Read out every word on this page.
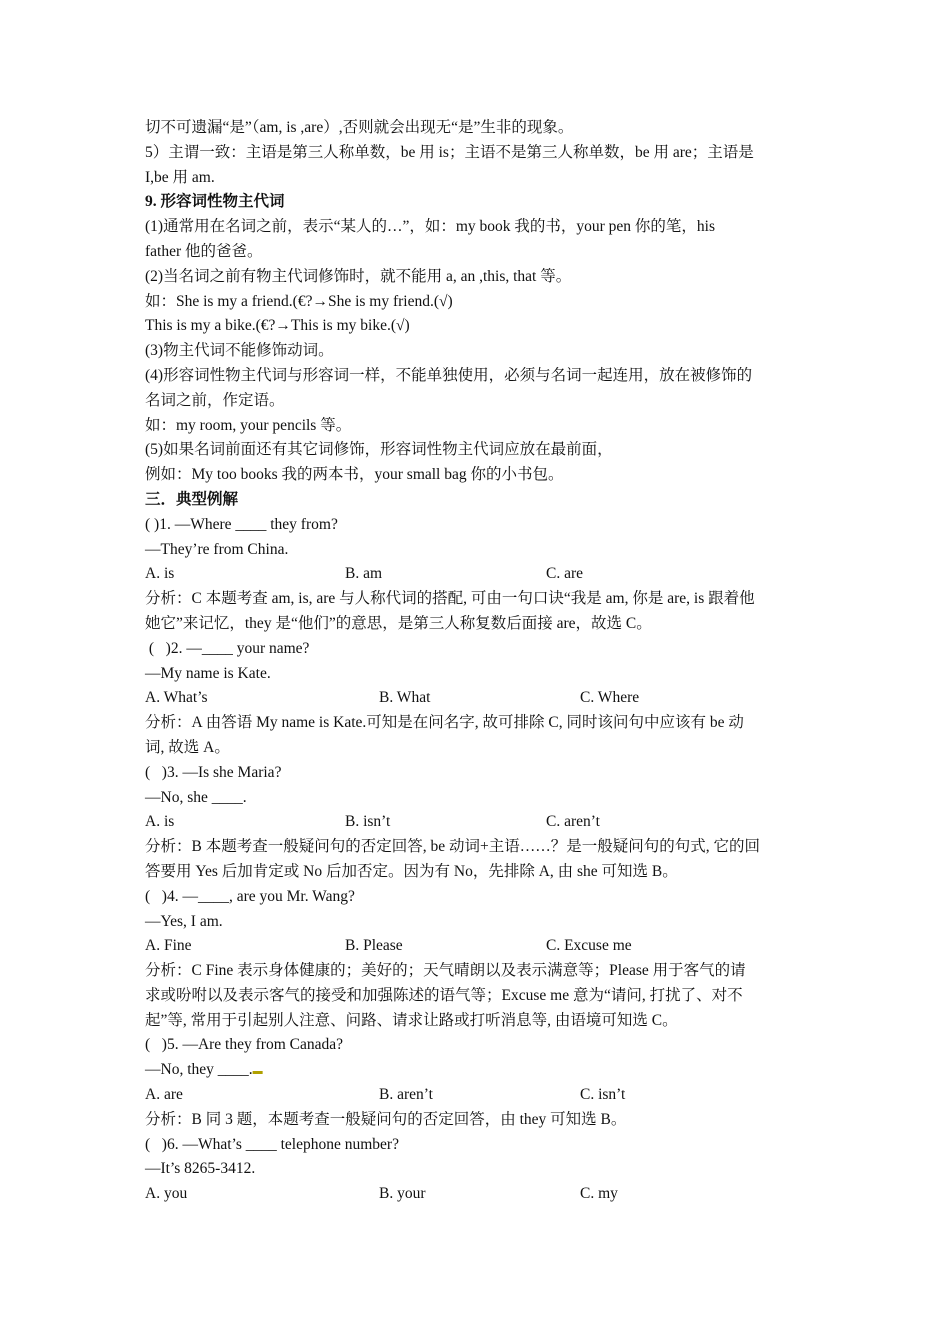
切不可遗漏“是”（am, is ,are）,否则就会出现无“是”生非的现象。
5）主谓一致：主语是第三人称单数，be 用 is；主语不是第三人称单数，be 用 are；主语是
I,be 用 am.
9. 形容词性物主代词
(1)通常用在名词之前，表示“某人的…”，如：my book 我的书，your pen 你的笔，his
father 他的爸爸。
(2)当名词之前有物主代词修饰时，就不能用 a, an ,this, that 等。
如：She is my a friend.(€?→She is my friend.(√)
This is my a bike.(€?→This is my bike.(√)
(3)物主代词不能修饰动词。
(4)形容词性物主代词与形容词一样，不能单独使用，必须与名词一起连用，放在被修饰的
名词之前，作定语。
如：my room, your pencils 等。
(5)如果名词前面还有其它词修饰，形容词性物主代词应放在最前面，
例如：My too books 我的两本书，your small bag 你的小书包。
三．典型例解
( )1. —Where ____ they from?
—They’re from China.
A. is	B. am	C. are
分析：C 本题考查 am, is, are 与人称代词的搭配, 可由一句口诀“我是 am, 你是 are, is 跟着他
她它”来记忆，they 是“他们”的意思，是第三人称复数后面接 are，故选 C。
(   )2. —____ your name?
—My name is Kate.
A. What’s	B. What	C. Where
分析：A 由答语 My name is Kate.可知是在问名字, 故可排除 C, 同时该问句中应该有 be 动
词, 故选 A。
(   )3. —Is she Maria?
—No, she ____.
A. is	B. isn’t	C. aren’t
分析：B 本题考查一般疑问句的否定回答, be 动词+主语……？是一般疑问句的句式, 它的回
答要用 Yes 后加肯定或 No 后加否定。因为有 No，先排除 A, 由 she 可知选 B。
(   )4. —____, are you Mr. Wang?
—Yes, I am.
A. Fine	B. Please	C. Excuse me
分析：C Fine 表示身体健康的；美好的；天气晴朗以及表示满意等；Please 用于客气的请
求或吩咐以及表示客气的接受和加强陈述的语气等；Excuse me 意为“请问, 打扰了、对不
起”等, 常用于引起别人注意、问路、请求让路或打听消息等, 由语境可知选 C。
(   )5. —Are they from Canada?
—No, they ____.▬
A. are	B. aren’t	C. isn’t
分析：B 同 3 题，本题考查一般疑问句的否定回答，由 they 可知选 B。
(   )6. —What’s ____ telephone number?
—It’s 8265-3412.
A. you	B. your	C. my
